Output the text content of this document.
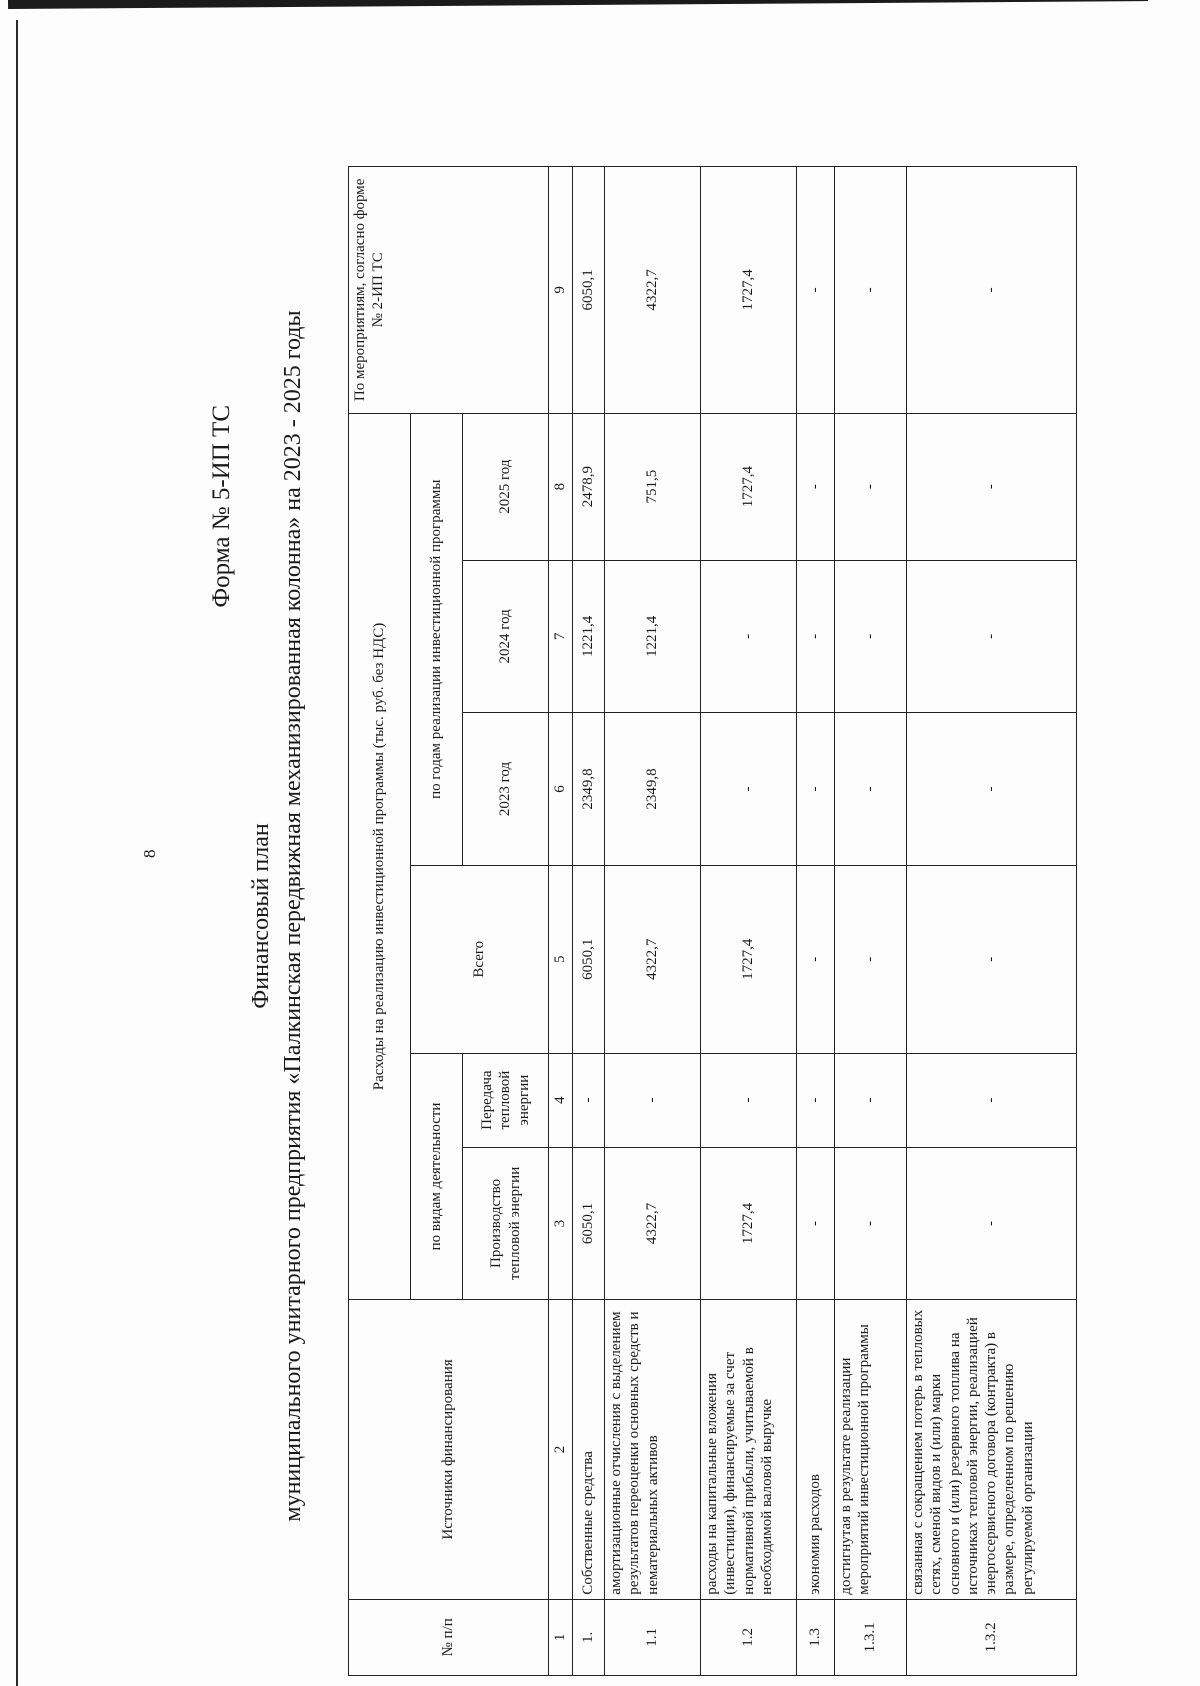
8
Форма № 5-ИП ТС
Финансовый план муниципального унитарного предприятия «Палкинская передвижная механизированная колонна» на 2023 - 2025 годы
№ п/п	Источники финансирования	Расходы на реализацию инвестиционной программы (тыс. руб. без НДС)						По мероприятиям, согласно форме № 2-ИП ТС
		по видам деятельности		Всего	по годам реализации инвестиционной программы			
		Производство тепловой энергии	Передача тепловой энергии		2023 год	2024 год	2025 год	
1	2	3	4	5	6	7	8	9
1.	Собственные средства	6050,1	-	6050,1	2349,8	1221,4	2478,9	6050,1
1.1	амортизационные отчисления с выделением результатов переоценки основных средств и нематериальных активов	4322,7	-	4322,7	2349,8	1221,4	751,5	4322,7
1.2	расходы на капитальные вложения (инвестиции), финансируемые за счет нормативной прибыли, учитываемой в необходимой валовой выручке	1727,4	-	1727,4	-	-	1727,4	1727,4
1.3	экономия расходов	-	-	-	-	-	-	-
1.3.1	достигнутая в результате реализации мероприятий инвестиционной программы	-	-	-	-	-	-	-
1.3.2	связанная с сокращением потерь в тепловых сетях, сменой видов и (или) марки основного и (или) резервного топлива на источниках тепловой энергии, реализацией энергосервисного договора (контракта) в размере, определенном по решению регулируемой организации	-	-	-	-	-	-	-
